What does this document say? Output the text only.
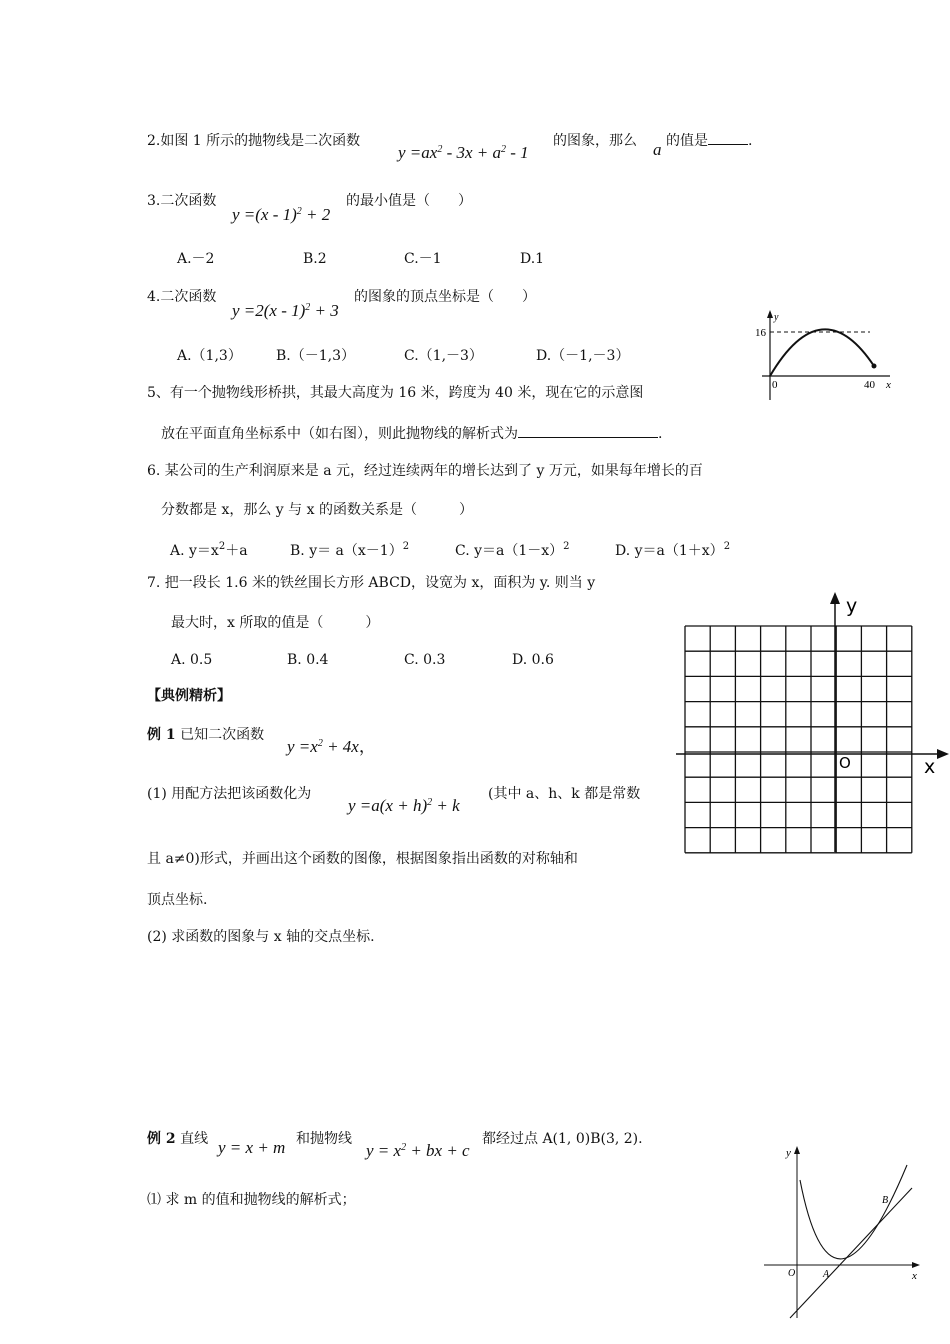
2.如图 1 所示的抛物线是二次函数
$y =ax^2 - 3x + a^2 - 1$
的图象，那么 a 的值是	.
3.二次函数
y =(x - 1)$^2$ + 2
的最小值是（　　）
A.－2	B.2	C.－1	D.1
4.二次函数
y =2(x - 1)$^2$ + 3
的图象的顶点坐标是（　　）
A.（1,3） B.（－1,3）	C.（1,－3）	D.（－1,－3）
y
16
0	40 x
5、有一个抛物线形桥拱，其最大高度为 16 米，跨度为 40 米，现在它的示意图
放在平面直角坐标系中（如右图），则此抛物线的解析式为	.
6. 某公司的生产利润原来是 a 元，经过连续两年的增长达到了 y 万元，如果每年增长的百
分数都是 x，那么 y 与 x 的函数关系是（　　　）
A. $y=x^2+a$	B. $y= a(x-1)^2$	C. $y=a(1-x)^2$	D. $y=a(1+x)^2$
7. 把一段长 1.6 米的铁丝围长方形 ABCD，设宽为 x，面积为 y. 则当 y
最大时，x 所取的值是（　　　）
A. 0.5	B. 0.4	C. 0.3	D. 0.6
y
x
O
【典例精析】
例 1 已知二次函数
$y =x^2 + 4x$，
(1) 用配方法把该函数化为
$y =a(x + h)^2 + k$
(其中 a、h、k 都是常数
且 a≠0)形式，并画出这个函数的图像，根据图象指出函数的对称轴和
顶点坐标.
(2) 求函数的图象与 x 轴的交点坐标.
例 2 直线 y = x + m 和抛物线
$y = x^2$ + bx + c
都经过点 A(1, 0)B(3, 2).
⑴ 求 m 的值和抛物线的解析式；
y
x
O	A
B
